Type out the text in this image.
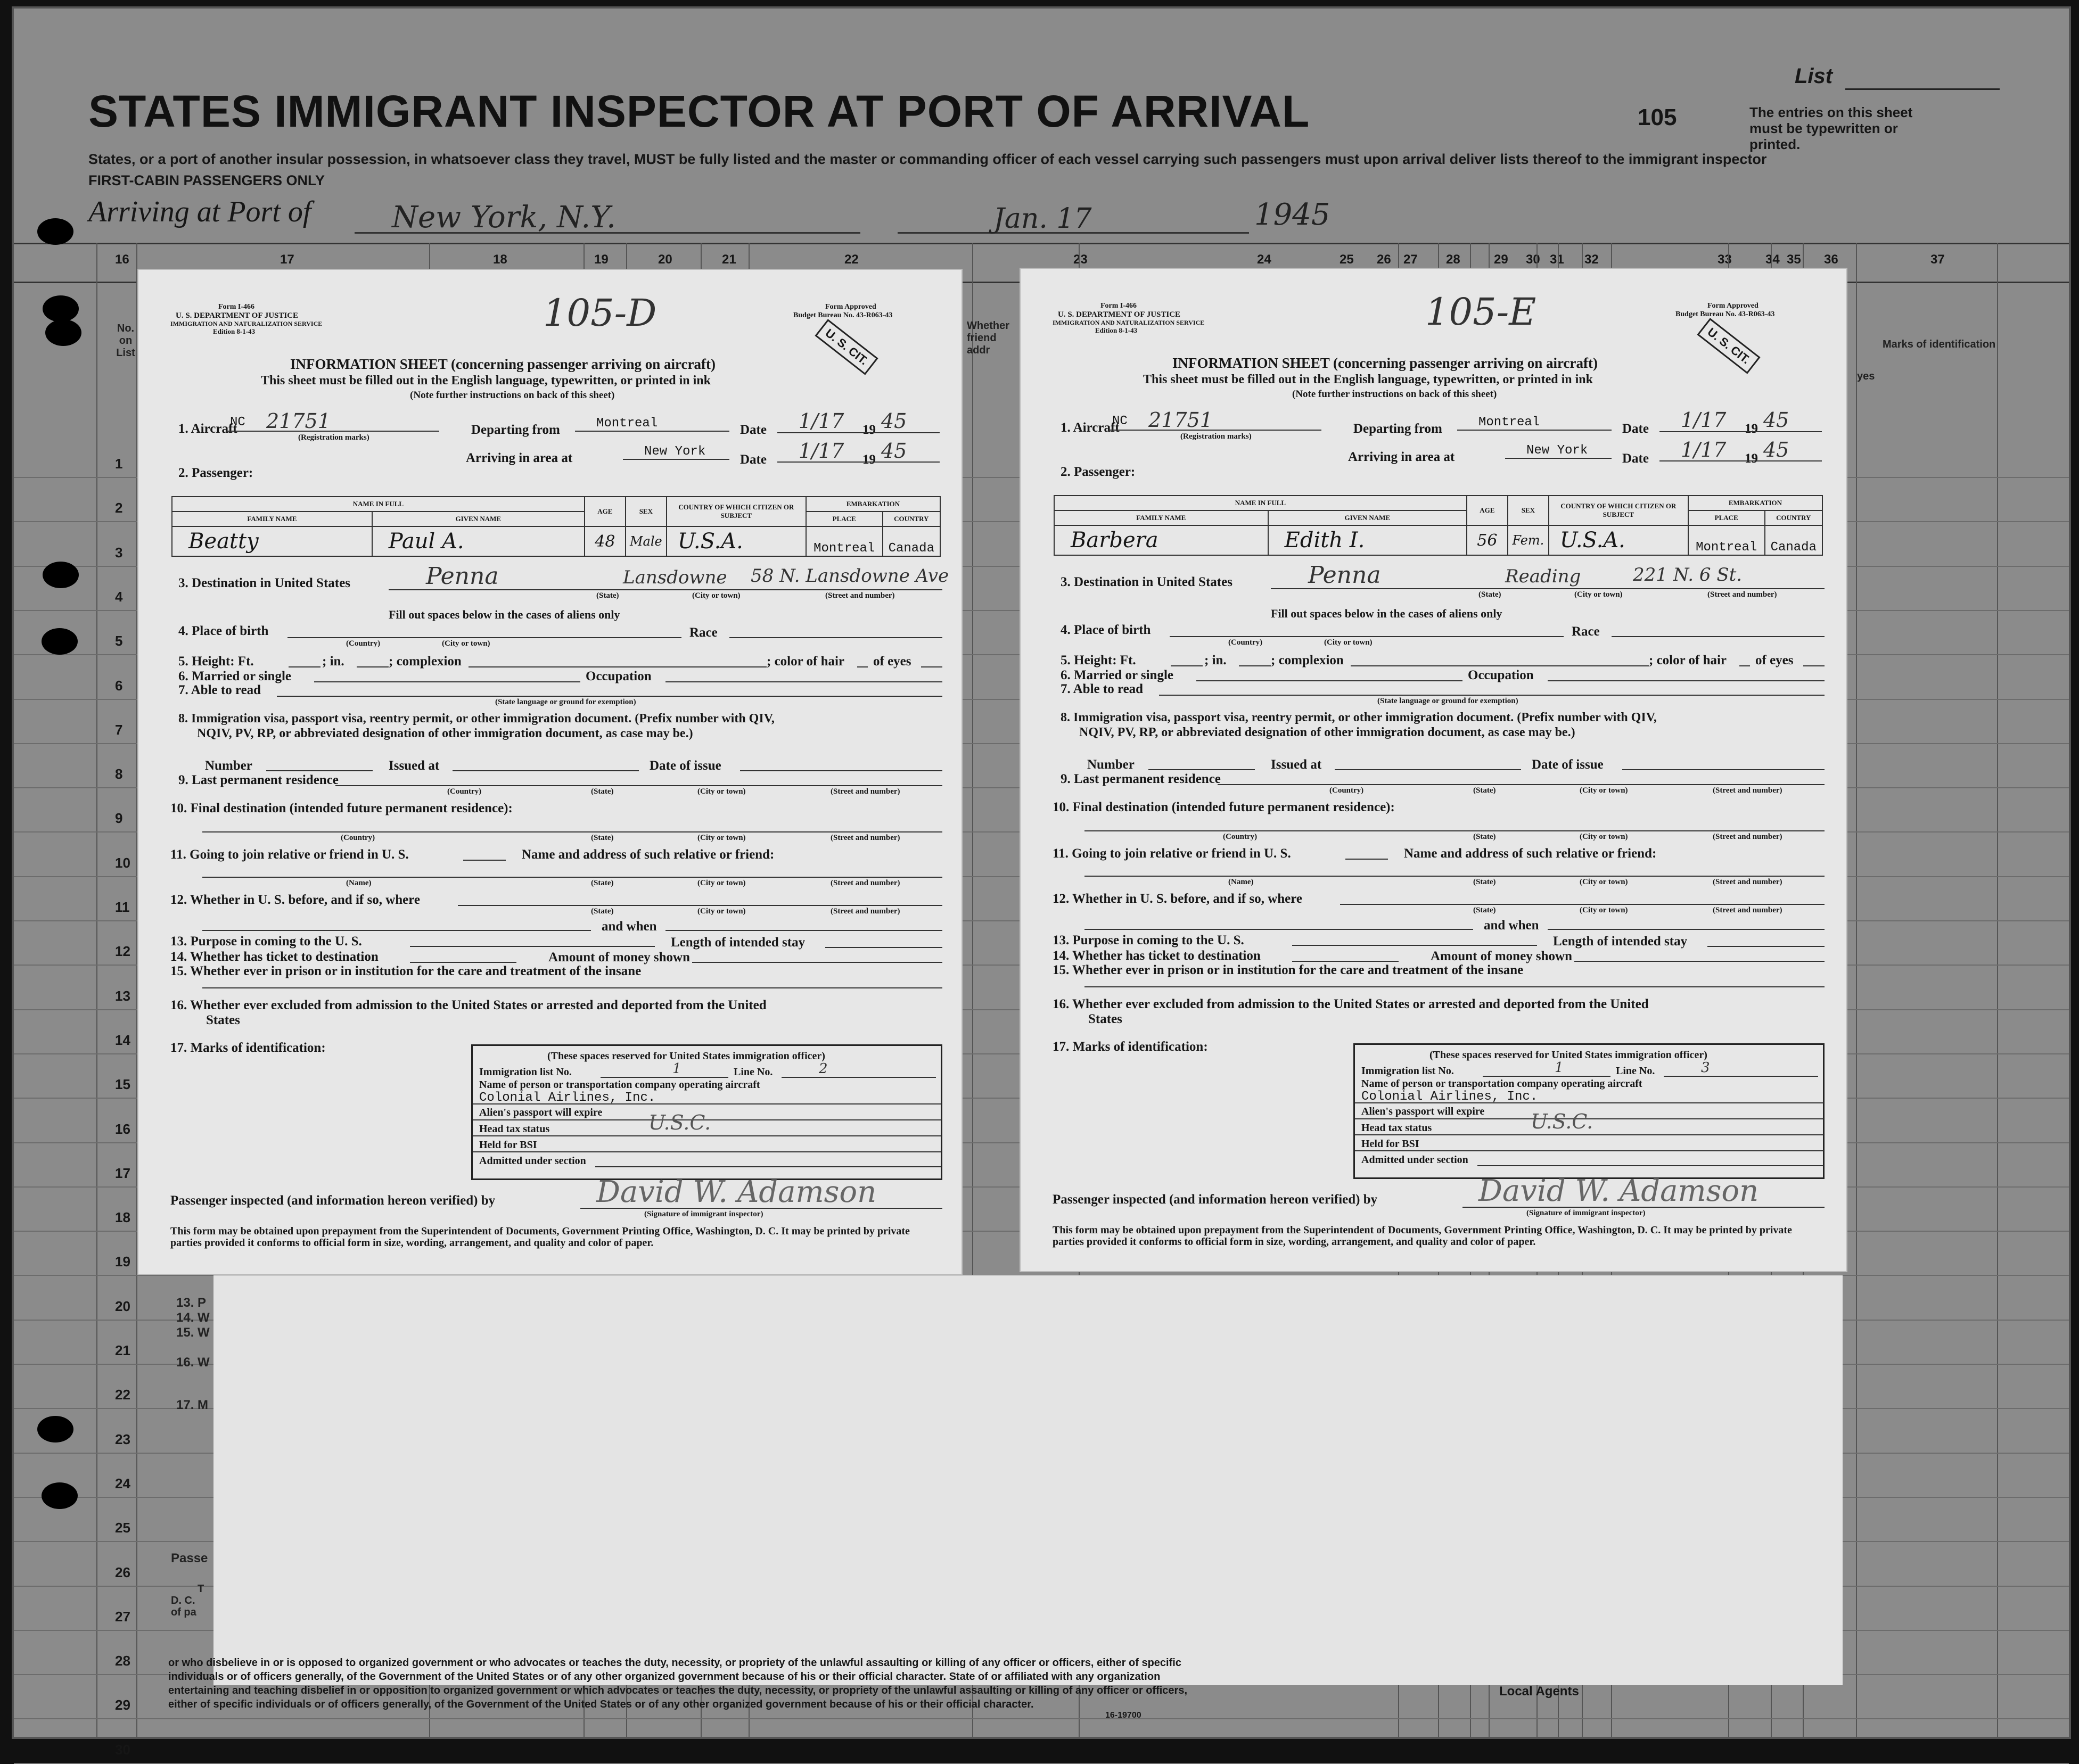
List
STATES IMMIGRANT INSPECTOR AT PORT OF ARRIVAL	105	The entries on this sheet must be typewritten or printed.
States, or a port of another insular possession, in whatsoever class they travel, MUST be fully listed and the master or commanding officer of each vessel carrying such passengers must upon arrival deliver lists thereof to the immigrant inspector
FIRST-CABIN PASSENGERS ONLY
Arriving at Port of	New York, N.Y.	Jan. 17	1945
16	17	18	19	20	21	22	23	24	25 26 27 28	29 30 31 32	33	34 35 36	37
1
2
3
4
5
6
7
8
9
10
11
12
13
14
15
16
17
18
19
20
21
22
23
24
25
26
27
28
29
30
No. on List
Whether friend addr	Marks of identification
yes
13. P
14. W
15. W
16. W
17. M
Passe
T
D. C.
of pa
or who disbelieve in or is opposed to organized government or who advocates or teaches the duty, necessity, or propriety of the unlawful assaulting or killing of any officer or officers, either of specific individuals or of officers generally, of the Government of the United States or of any other organized government because of his or their official character. State of or affiliated with any organization entertaining and teaching disbelief in or opposition to organized government or which advocates or teaches the duty, necessity, or propriety of the unlawful assaulting or killing of any officer or officers, either of specific individuals or of officers generally, of the Government of the United States or of any other organized government because of his or their official character.
Local Agents
16-19700
Form I-466
U. S. DEPARTMENT OF JUSTICE
IMMIGRATION AND NATURALIZATION SERVICE
Edition 8-1-43
Form Approved
Budget Bureau No. 43-R063-43
105-D
U. S. CIT.
INFORMATION SHEET (concerning passenger arriving on aircraft)
This sheet must be filled out in the English language, typewritten, or printed in ink
(Note further instructions on back of this sheet)
1. Aircraft
NC 21751
(Registration marks)
Departing from	Montreal	Date 1/17 19 45
Arriving in area at	New York
Date 1/17 19 45
2. Passenger:
NAME IN FULL		AGE	SEX	COUNTRY OF WHICH CITIZEN OR SUBJECT	EMBARKATION	
FAMILY NAME	GIVEN NAME				PLACE	COUNTRY
Beatty	Paul A.	48	Male	U.S.A.	Montreal	Canada
3. Destination in United States	Penna	Lansdowne 58 N. Lansdowne Ave
(State)	(City or town)	(Street and number)
Fill out spaces below in the cases of aliens only
4. Place of birth
(Country)	(City or town)
Race
5. Height: Ft.	; in.	; complexion	; color of hair of eyes
6. Married or single	Occupation
7. Able to read
(State language or ground for exemption)
8. Immigration visa, passport visa, reentry permit, or other immigration document. (Prefix number with QIV,
NQIV, PV, RP, or abbreviated designation of other immigration document, as case may be.)
Number	Issued at	Date of issue
9. Last permanent residence
(Country)	(State)	(City or town)	(Street and number)
10. Final destination (intended future permanent residence):
(Country)	(State)	(City or town)	(Street and number)
11. Going to join relative or friend in U. S.	Name and address of such relative or friend:
(Name)	(State)	(City or town)	(Street and number)
12. Whether in U. S. before, and if so, where
(State)	(City or town)	(Street and number)
and when
13. Purpose in coming to the U. S.	Length of intended stay
14. Whether has ticket to destination	Amount of money shown
15. Whether ever in prison or in institution for the care and treatment of the insane
16. Whether ever excluded from admission to the United States or arrested and deported from the United
States
17. Marks of identification:
(These spaces reserved for United States immigration officer)
Immigration list No.	1	Line No.	2
Name of person or transportation company operating aircraft
Colonial Airlines, Inc.
Alien's passport will expire
Head tax status	U.S.C.
Held for BSI
Admitted under section
Passenger inspected (and information hereon verified) by	David W. Adamson
(Signature of immigrant inspector)
This form may be obtained upon prepayment from the Superintendent of Documents, Government Printing Office, Washington, D. C. It may be printed by private parties provided it conforms to official form in size, wording, arrangement, and quality and color of paper.
Form I-466
U. S. DEPARTMENT OF JUSTICE
IMMIGRATION AND NATURALIZATION SERVICE
Edition 8-1-43
Form Approved
Budget Bureau No. 43-R063-43
105-E
U. S. CIT.
INFORMATION SHEET (concerning passenger arriving on aircraft)
This sheet must be filled out in the English language, typewritten, or printed in ink
(Note further instructions on back of this sheet)
1. Aircraft
NC 21751
(Registration marks)
Departing from	Montreal	Date 1/17 19 45
Arriving in area at	New York
Date 1/17 19 45
2. Passenger:
NAME IN FULL		AGE	SEX	COUNTRY OF WHICH CITIZEN OR SUBJECT	EMBARKATION	
FAMILY NAME	GIVEN NAME				PLACE	COUNTRY
Barbera	Edith I.	56	Fem.	U.S.A.	Montreal	Canada
3. Destination in United States	Penna	Reading	221 N. 6 St.
(State)	(City or town)	(Street and number)
Fill out spaces below in the cases of aliens only
4. Place of birth
(Country)	(City or town)
Race
5. Height: Ft.	; in.	; complexion	; color of hair of eyes
6. Married or single	Occupation
7. Able to read
(State language or ground for exemption)
8. Immigration visa, passport visa, reentry permit, or other immigration document. (Prefix number with QIV,
NQIV, PV, RP, or abbreviated designation of other immigration document, as case may be.)
Number	Issued at	Date of issue
9. Last permanent residence
(Country)	(State)	(City or town)	(Street and number)
10. Final destination (intended future permanent residence):
(Country)	(State)	(City or town)	(Street and number)
11. Going to join relative or friend in U. S.	Name and address of such relative or friend:
(Name)	(State)	(City or town)	(Street and number)
12. Whether in U. S. before, and if so, where
(State)	(City or town)	(Street and number)
and when
13. Purpose in coming to the U. S.	Length of intended stay
14. Whether has ticket to destination	Amount of money shown
15. Whether ever in prison or in institution for the care and treatment of the insane
16. Whether ever excluded from admission to the United States or arrested and deported from the United
States
17. Marks of identification:
(These spaces reserved for United States immigration officer)
Immigration list No.	1	Line No.	3
Name of person or transportation company operating aircraft
Colonial Airlines, Inc.
Alien's passport will expire
Head tax status	U.S.C.
Held for BSI
Admitted under section
Passenger inspected (and information hereon verified) by	David W. Adamson
(Signature of immigrant inspector)
This form may be obtained upon prepayment from the Superintendent of Documents, Government Printing Office, Washington, D. C. It may be printed by private parties provided it conforms to official form in size, wording, arrangement, and quality and color of paper.
